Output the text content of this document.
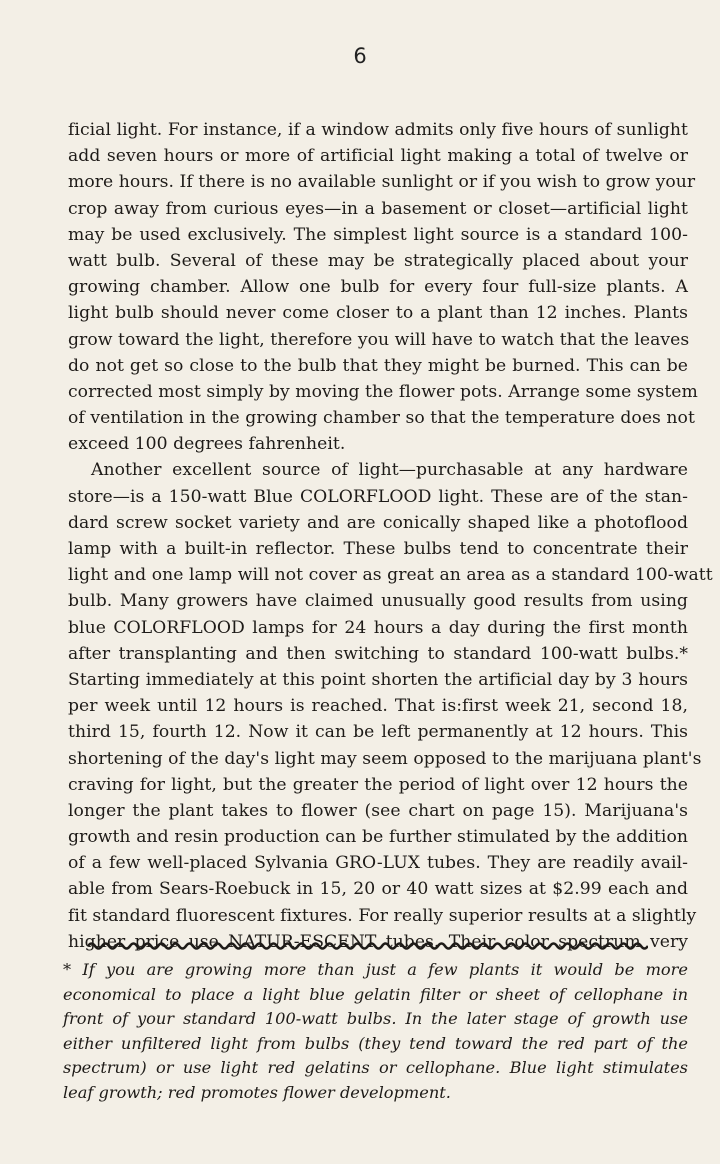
6
ficial light. For instance, if a window admits only five hours of sunlight
add seven hours or more of artificial light making a total of twelve or
more hours. If there is no available sunlight or if you wish to grow your
crop away from curious eyes—in a basement or closet—artificial light
may be used exclusively. The simplest light source is a standard 100-
watt bulb. Several of these may be strategically placed about your
growing chamber. Allow one bulb for every four full-size plants. A
light bulb should never come closer to a plant than 12 inches. Plants
grow toward the light, therefore you will have to watch that the leaves
do not get so close to the bulb that they might be burned. This can be
corrected most simply by moving the flower pots. Arrange some system
of ventilation in the growing chamber so that the temperature does not
exceed 100 degrees fahrenheit.
Another excellent source of light—purchasable at any hardware
store—is a 150-watt Blue COLORFLOOD light. These are of the stan-
dard screw socket variety and are conically shaped like a photoflood
lamp with a built-in reflector. These bulbs tend to concentrate their
light and one lamp will not cover as great an area as a standard 100-watt
bulb. Many growers have claimed unusually good results from using
blue COLORFLOOD lamps for 24 hours a day during the first month
after transplanting and then switching to standard 100-watt bulbs.*
Starting immediately at this point shorten the artificial day by 3 hours
per week until 12 hours is reached. That is:first week 21, second 18,
third 15, fourth 12. Now it can be left permanently at 12 hours. This
shortening of the day's light may seem opposed to the marijuana plant's
craving for light, but the greater the period of light over 12 hours the
longer the plant takes to flower (see chart on page 15). Marijuana's
growth and resin production can be further stimulated by the addition
of a few well-placed Sylvania GRO-LUX tubes. They are readily avail-
able from Sears-Roebuck in 15, 20 or 40 watt sizes at $2.99 each and
fit standard fluorescent fixtures. For really superior results at a slightly
higher price use NATUR-ESCENT tubes. Their color spectrum very
* If you are growing more than just a few plants it would be more
economical to place a light blue gelatin filter or sheet of cellophane in
front of your standard 100-watt bulbs. In the later stage of growth use
either unfiltered light from bulbs (they tend toward the red part of the
spectrum) or use light red gelatins or cellophane. Blue light stimulates
leaf growth; red promotes flower development.
